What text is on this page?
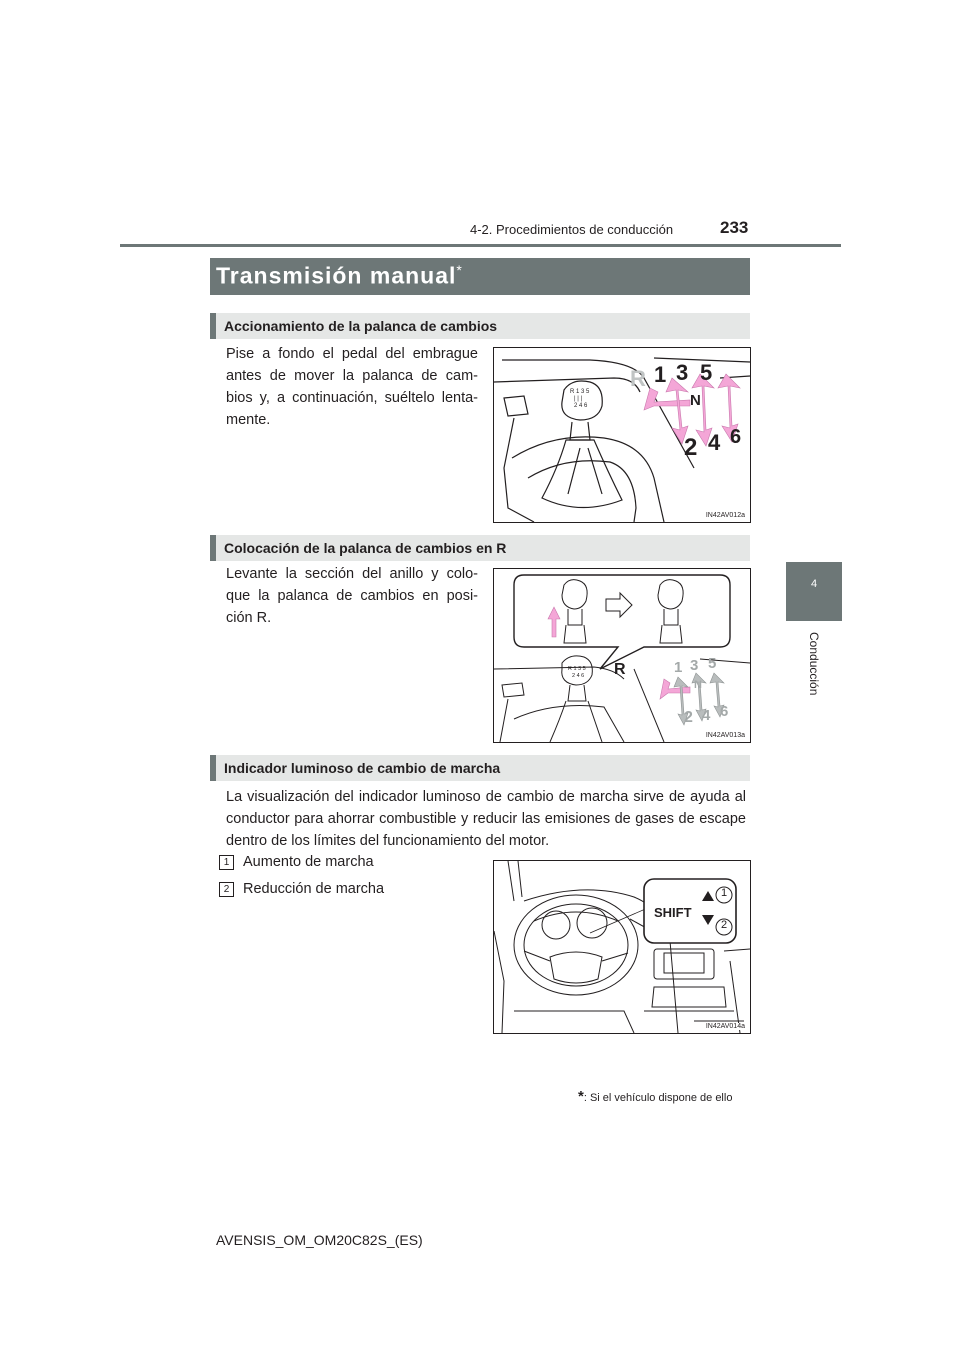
4-2. Procedimientos de conducción	233
4
Conducción
Transmisión manual*
Accionamiento de la palanca de cambios
Pise a fondo el pedal del embrague antes de mover la palanca de cam-bios y, a continuación, suéltelo lenta-mente.
R 1 3 5
| | |
2 4 6
R 1 3 5
N
2 4 6
IN42AV012a
Colocación de la palanca de cambios en R
Levante la sección del anillo y colo-que la palanca de cambios en posi-ción R.
R 1 3 5
2 4 6 R	1 3 5
N
2 4 6
IN42AV013a
Indicador luminoso de cambio de marcha
La visualización del indicador luminoso de cambio de marcha sirve de ayuda al conductor para ahorrar combustible y reducir las emisiones de gases de escape dentro de los límites del funcionamiento del motor.
1 Aumento de marcha
2 Reducción de marcha
SHIFT
1
2
IN42AV014a
*: Si el vehículo dispone de ello
AVENSIS_OM_OM20C82S_(ES)
